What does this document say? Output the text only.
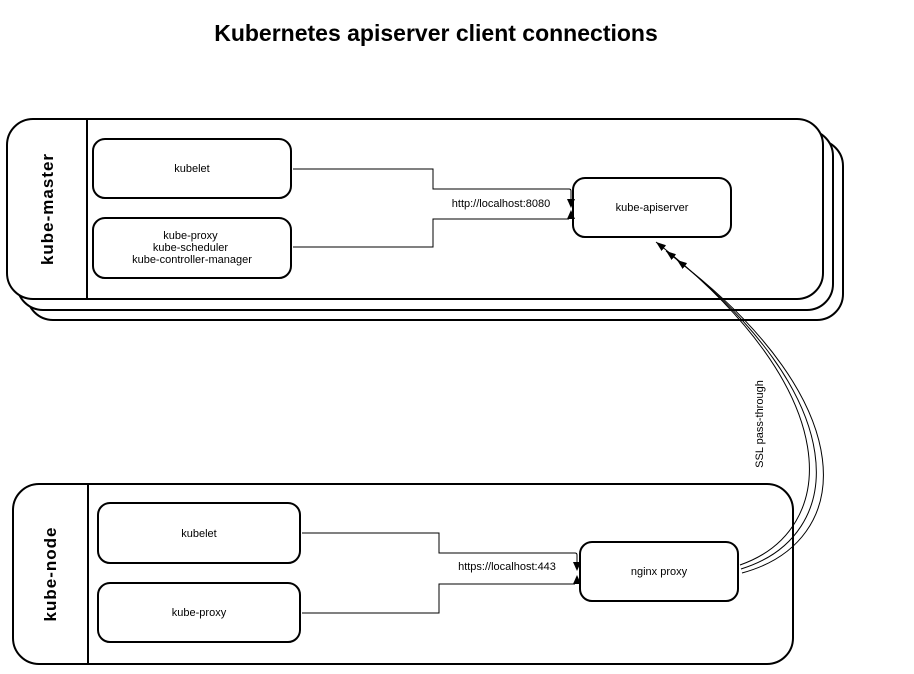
Kubernetes apiserver client connections
kube-master	kubelet
kube-proxy kube-scheduler kube-controller-manager
kube-apiserver
http://localhost:8080
kube-node	kubelet
kube-proxy
nginx proxy
https://localhost:443
SSL pass-through
